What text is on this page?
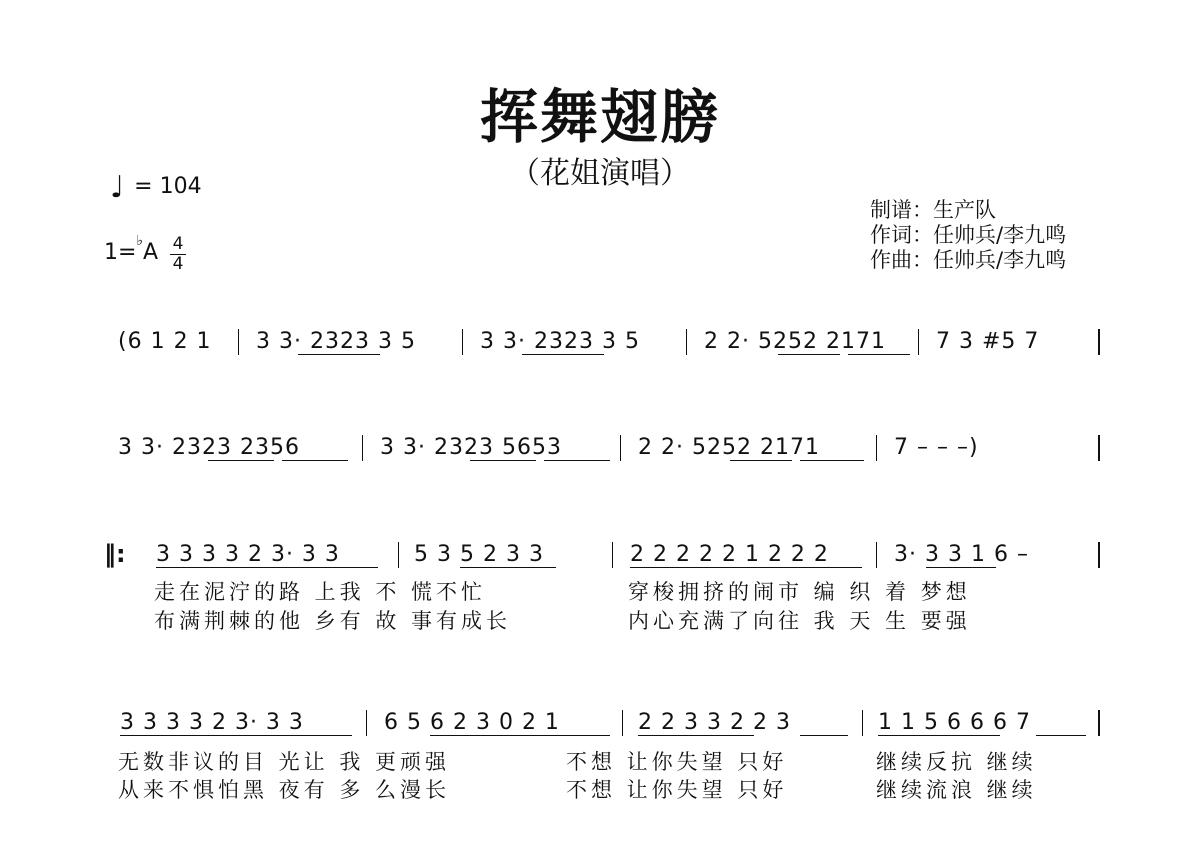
挥舞翅膀
（花姐演唱）
♩ = 104
1=♭A 4
4
制谱：生产队
作词：任帅兵/李九鸣
作曲：任帅兵/李九鸣
(6 1 2 1 3 3· 2323 3 5	3 3· 2323 3 5	2 2· 5252 2171 7 3 #5 7
3 3· 2323 2356	3 3· 2323 5653	2 2· 5252 2171	7 – – –)
‖: 3 3 3 3 2 3· 3 3	5 3 5 2 3 3	2 2 2 2 2 1 2 2 2	3· 3 3 1 6 –
走在泥泞的路 上我 不 慌不忙
布满荆棘的他 乡有 故 事有成长
穿梭拥挤的闹市 编 织 着 梦想
内心充满了向往 我 天 生 要强
3 3 3 3 2 3· 3 3	6 5 6 2 3 0 2 1	2 2 3 3 2 2 3	1 1 5 6 6 6 7
无数非议的目 光让 我 更顽强
从来不惧怕黑 夜有 多 么漫长
不想 让你失望 只好
不想 让你失望 只好
继续反抗 继续
继续流浪 继续
